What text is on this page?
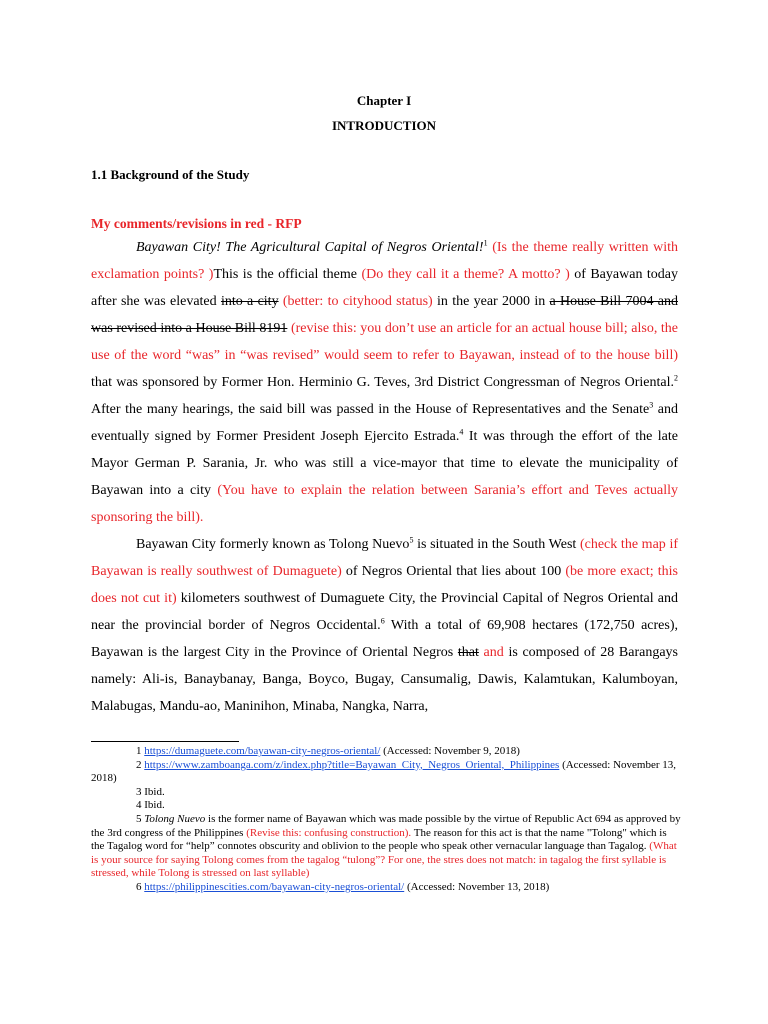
Chapter I
INTRODUCTION
1.1 Background of the Study
My comments/revisions in red - RFP

Bayawan City! The Agricultural Capital of Negros Oriental!$^1$ (Is the theme really written with exclamation points? )This is the official theme (Do they call it a theme? A motto? ) of Bayawan today after she was elevated into a city (better: to cityhood status) in the year 2000 in a House Bill 7004 and was revised into a House Bill 8191 (revise this: you don’t use an article for an actual house bill; also, the use of the word “was” in “was revised” would seem to refer to Bayawan, instead of to the house bill) that was sponsored by Former Hon. Herminio G. Teves, 3rd District Congressman of Negros Oriental.$^2$ After the many hearings, the said bill was passed in the House of Representatives and the Senate$^3$ and eventually signed by Former President Joseph Ejercito Estrada.$^4$ It was through the effort of the late Mayor German P. Sarania, Jr. who was still a vice-mayor that time to elevate the municipality of Bayawan into a city (You have to explain the relation between Sarania’s effort and Teves actually sponsoring the bill).

Bayawan City formerly known as Tolong Nuevo$^5$ is situated in the South West (check the map if Bayawan is really southwest of Dumaguete) of Negros Oriental that lies about 100 (be more exact; this does not cut it) kilometers southwest of Dumaguete City, the Provincial Capital of Negros Oriental and near the provincial border of Negros Occidental.$^6$ With a total of 69,908 hectares (172,750 acres), Bayawan is the largest City in the Province of Oriental Negros that and is composed of 28 Barangays namely: Ali-is, Banaybanay, Banga, Boyco, Bugay, Cansumalig, Dawis, Kalamtukan, Kalumboyan, Malabugas, Mandu-ao, Maninihon, Minaba, Nangka, Narra,

1 https://dumaguete.com/bayawan-city-negros-oriental/ (Accessed: November 9, 2018)

2 https://www.zamboanga.com/z/index.php?title=Bayawan_City,_Negros_Oriental,_Philippines (Accessed: November 13, 2018)

3 Ibid.

4 Ibid.

5 Tolong Nuevo is the former name of Bayawan which was made possible by the virtue of Republic Act 694 as approved by the 3rd congress of the Philippines (Revise this: confusing construction). The reason for this act is that the name "Tolong" which is the Tagalog word for “help” connotes obscurity and oblivion to the people who speak other vernacular language than Tagalog. (What is your source for saying Tolong comes from the tagalog “tulong”? For one, the stres does not match: in tagalog the first syllable is stressed, while Tolong is stressed on last syllable)

6 https://philippinescities.com/bayawan-city-negros-oriental/ (Accessed: November 13, 2018)
